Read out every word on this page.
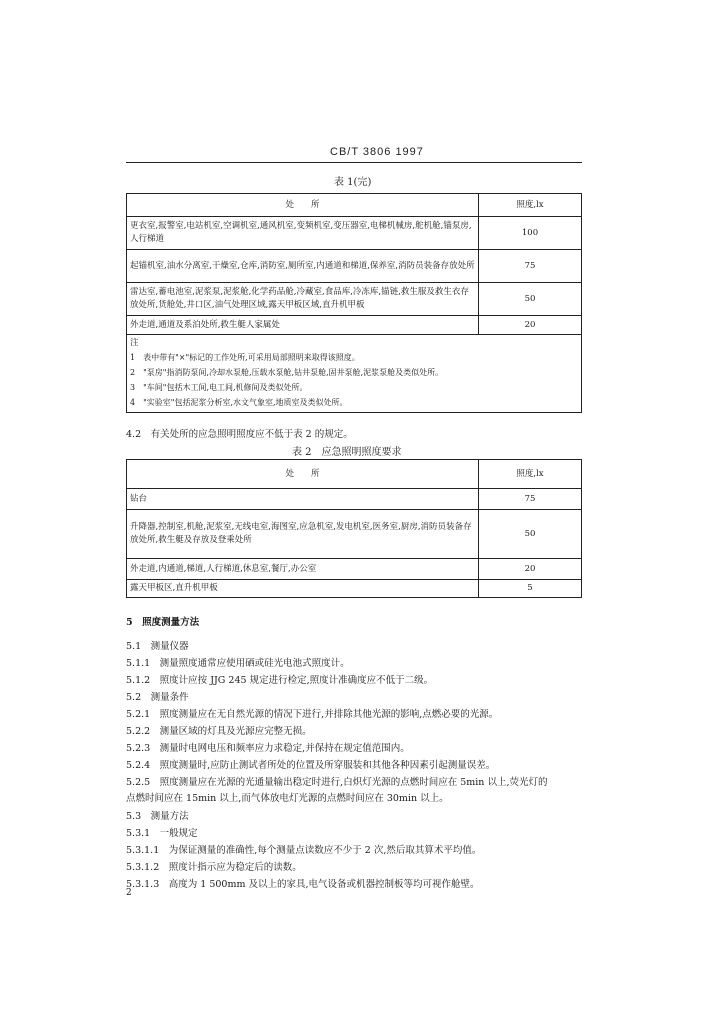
CB/T 3806 1997
表 1(完)
处　　所	照度,lx
更衣室,报警室,电站机室,空调机室,通风机室,变频机室,变压器室,电梯机械房,舵机舱,锚泵房,人行梯道	100
起锚机室,油水分离室,干燥室,仓库,消防室,厕所室,内通道和梯道,保养室,消防员装备存放处所	75
雷达室,蓄电池室,泥浆泵,泥浆舱,化学药品舱,冷藏室,食品库,冷冻库,锚链,救生服及救生衣存放处所,货舱处,井口区,油气处理区域,露天甲板区域,直升机甲板	50
外走道,通道及系泊处所,救生艇人家属处	20

注
1　表中带有"×"标记的工作处所,可采用局部照明来取得该照度。
2　"泵房"指消防泵间,冷却水泵舱,压载水泵舱,钻井泵舱,固井泵舱,泥浆泵舱及类似处所。
3　"车间"包括木工间,电工间,机修间及类似处所。
4　"实验室"包括泥浆分析室,水文气象室,地质室及类似处所。	
4.2　有关处所的应急照明照度应不低于表 2 的规定。
表 2　应急照明照度要求
处　　所	照度,lx
钻台	75
升降器,控制室,机舱,泥浆室,无线电室,海图室,应急机室,发电机室,医务室,厨房,消防员装备存放处所,救生艇及存放及登乘处所	50
外走道,内通道,梯道,人行梯道,休息室,餐厅,办公室	20
露天甲板区,直升机甲板	5
5　照度测量方法
5.1　测量仪器
5.1.1　测量照度通常应使用硒或硅光电池式照度计。
5.1.2　照度计应按 JJG 245 规定进行检定,照度计准确度应不低于二级。
5.2　测量条件
5.2.1　照度测量应在无自然光源的情况下进行,并排除其他光源的影响,点燃必要的光源。
5.2.2　测量区域的灯具及光源应完整无损。
5.2.3　测量时电网电压和频率应力求稳定,并保持在规定值范围内。
5.2.4　照度测量时,应防止测试者所处的位置及所穿服装和其他各种因素引起测量误差。
5.2.5　照度测量应在光源的光通量输出稳定时进行,白炽灯光源的点燃时间应在 5min 以上,荧光灯的
点燃时间应在 15min 以上,而气体放电灯光源的点燃时间应在 30min 以上。
5.3　测量方法
5.3.1　一般规定
5.3.1.1　为保证测量的准确性,每个测量点读数应不少于 2 次,然后取其算术平均值。
5.3.1.2　照度计指示应为稳定后的读数。
5.3.1.3　高度为 1 500mm 及以上的家具,电气设备或机器控制板等均可视作舱壁。
2
